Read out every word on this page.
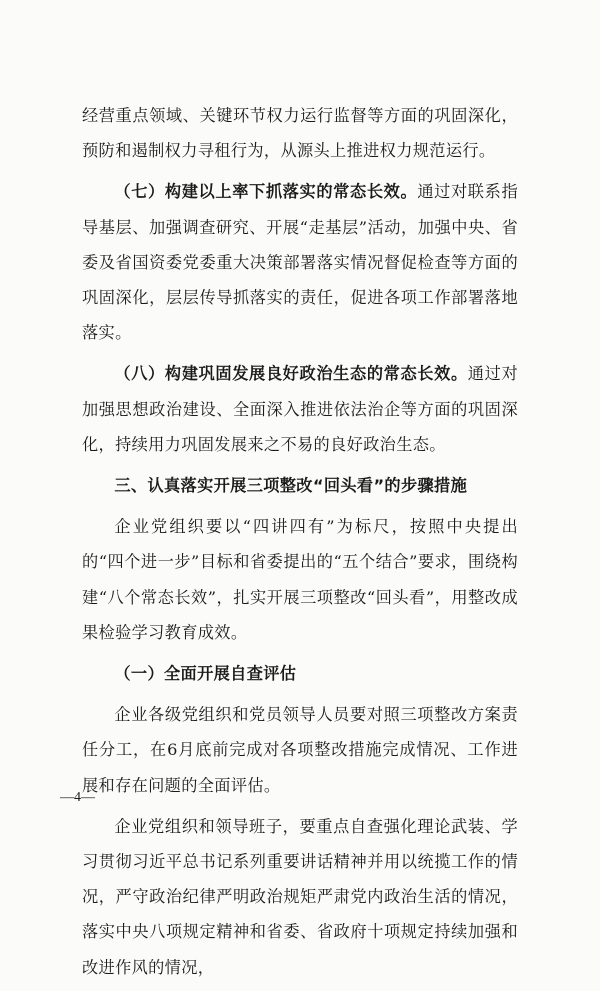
经营重点领域、关键环节权力运行监督等方面的巩固深化，预防和遏制权力寻租行为，从源头上推进权力规范运行。

（七）构建以上率下抓落实的常态长效。通过对联系指导基层、加强调查研究、开展“走基层”活动，加强中央、省委及省国资委党委重大决策部署落实情况督促检查等方面的巩固深化，层层传导抓落实的责任，促进各项工作部署落地落实。

（八）构建巩固发展良好政治生态的常态长效。通过对加强思想政治建设、全面深入推进依法治企等方面的巩固深化，持续用力巩固发展来之不易的良好政治生态。

三、认真落实开展三项整改“回头看”的步骤措施

企业党组织要以“四讲四有”为标尺，按照中央提出的“四个进一步”目标和省委提出的“五个结合”要求，围绕构建“八个常态长效”，扎实开展三项整改“回头看”，用整改成果检验学习教育成效。

（一）全面开展自查评估

企业各级党组织和党员领导人员要对照三项整改方案责任分工，在6月底前完成对各项整改措施完成情况、工作进展和存在问题的全面评估。

企业党组织和领导班子，要重点自查强化理论武装、学习贯彻习近平总书记系列重要讲话精神并用以统揽工作的情况，严守政治纪律严明政治规矩严肃党内政治生活的情况，落实中央八项规定精神和省委、省政府十项规定持续加强和改进作风的情况，

—4—
